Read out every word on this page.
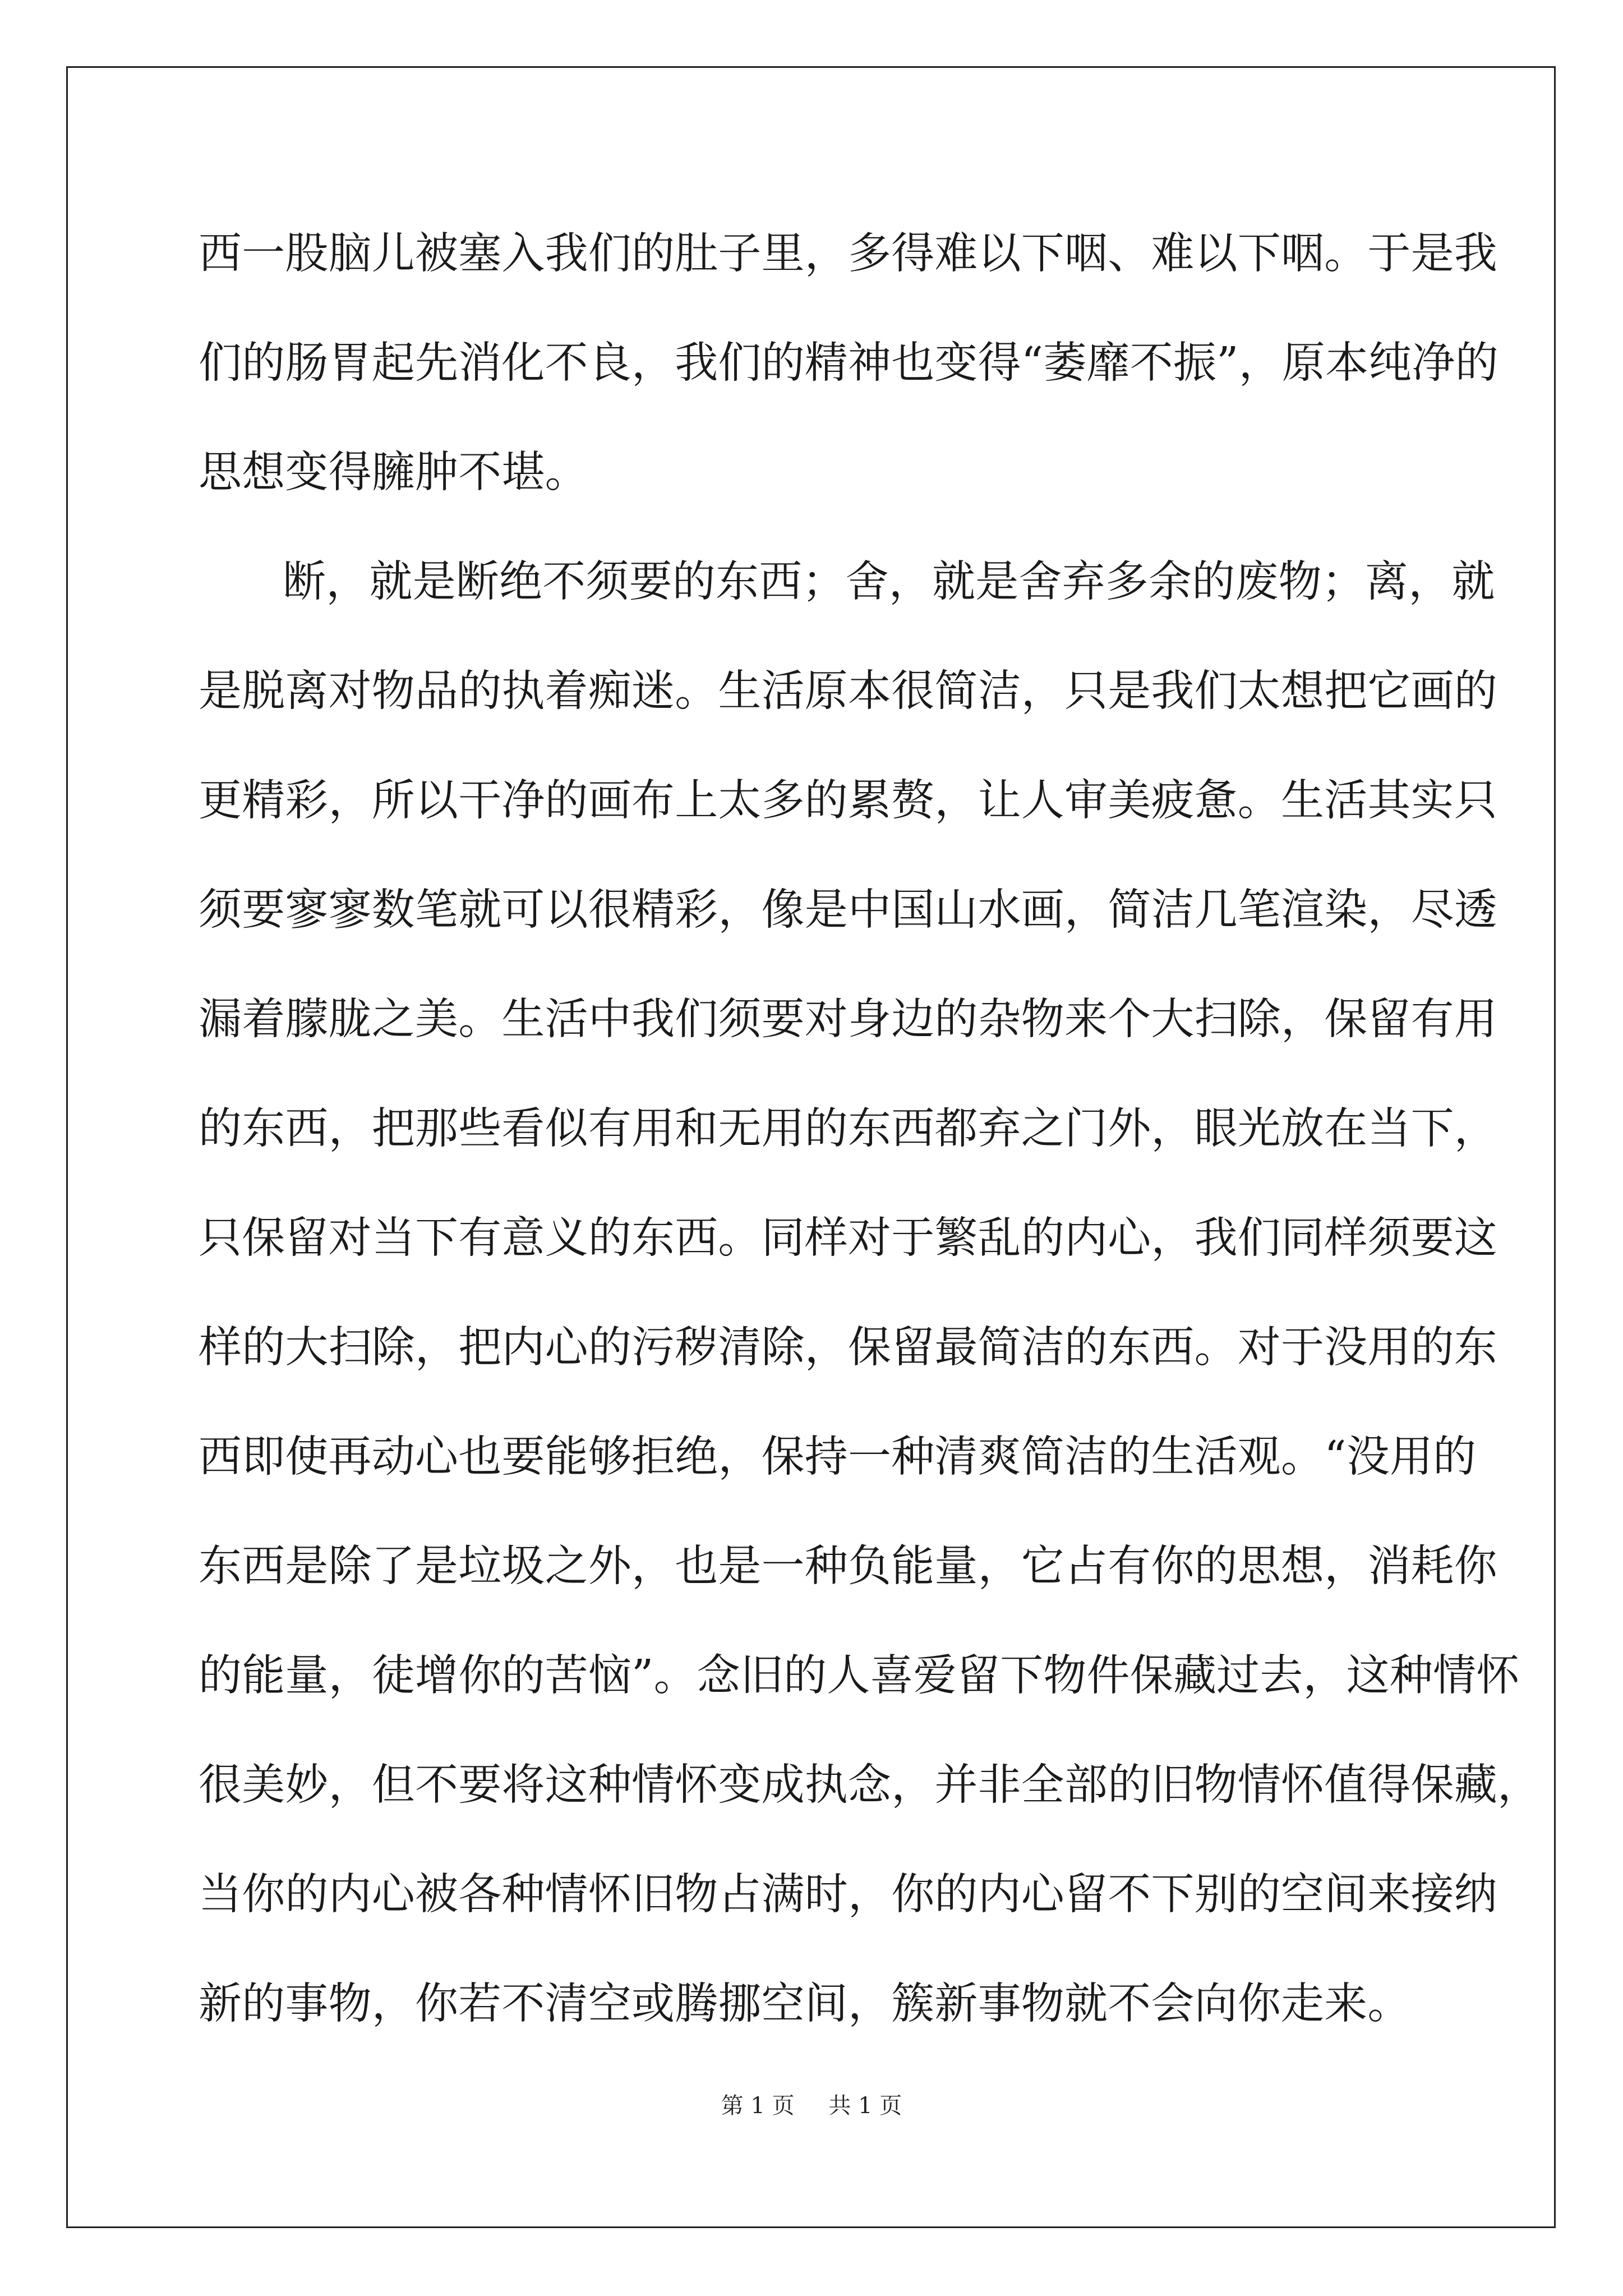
西一股脑儿被塞入我们的肚子里，多得难以下咽、难以下咽。于是我
们的肠胃起先消化不良，我们的精神也变得“萎靡不振”，原本纯净的
思想变得臃肿不堪。
断，就是断绝不须要的东西；舍，就是舍弃多余的废物；离，就
是脱离对物品的执着痴迷。生活原本很简洁，只是我们太想把它画的
更精彩，所以干净的画布上太多的累赘，让人审美疲惫。生活其实只
须要寥寥数笔就可以很精彩，像是中国山水画，简洁几笔渲染，尽透
漏着朦胧之美。生活中我们须要对身边的杂物来个大扫除，保留有用
的东西，把那些看似有用和无用的东西都弃之门外，眼光放在当下，
只保留对当下有意义的东西。同样对于繁乱的内心，我们同样须要这
样的大扫除，把内心的污秽清除，保留最简洁的东西。对于没用的东
西即使再动心也要能够拒绝，保持一种清爽简洁的生活观。“没用的
东西是除了是垃圾之外，也是一种负能量，它占有你的思想，消耗你
的能量，徒增你的苦恼”。念旧的人喜爱留下物件保藏过去，这种情怀
很美妙，但不要将这种情怀变成执念，并非全部的旧物情怀值得保藏，
当你的内心被各种情怀旧物占满时，你的内心留不下别的空间来接纳
新的事物，你若不清空或腾挪空间，簇新事物就不会向你走来。
第 1 页 共 1 页
